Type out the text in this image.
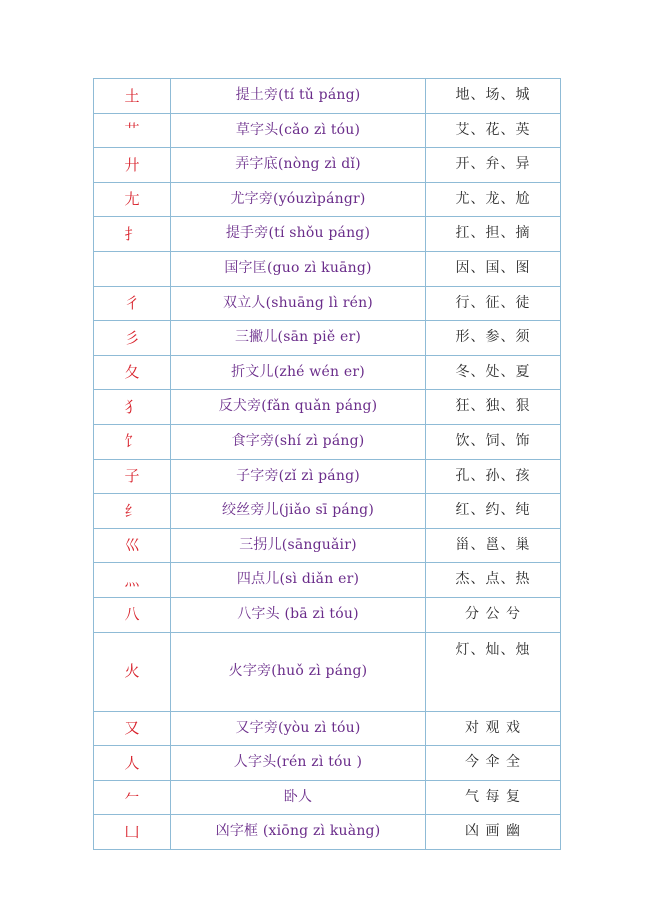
土	提土旁(tí tǔ páng)	地、场、城
艹	草字头(cǎo zì tóu)	艾、花、英
廾	弄字底(nòng zì dǐ)	开、弁、异
尢	尤字旁(yóuzìpángr)	尤、龙、尬
扌	提手旁(tí shǒu páng)	扛、担、摘
	国字匡(guo zì kuāng)	因、国、图
彳	双立人(shuāng lì rén)	行、征、徒
彡	三撇儿(sān piě er)	形、参、须
夂	折文儿(zhé wén er)	冬、处、夏
犭	反犬旁(fǎn quǎn páng)	狂、独、狠
饣	食字旁(shí zì páng)	饮、饲、饰
子	子字旁(zǐ zì páng)	孔、孙、孩
纟	绞丝旁儿(jiǎo sī páng)	红、约、纯
巛	三拐儿(sānguǎir)	甾、邕、巢
灬	四点儿(sì diǎn er)	杰、点、热
八	八字头 (bā zì tóu)	分 公 兮
火	火字旁(huǒ zì páng)	灯、灿、烛
又	又字旁(yòu zì tóu)	对 观 戏
人	人字头(rén zì tóu )	今 伞 全
𠂉	卧人	气 每 复
凵	凶字框 (xiōng zì kuàng)	凶 画 幽
